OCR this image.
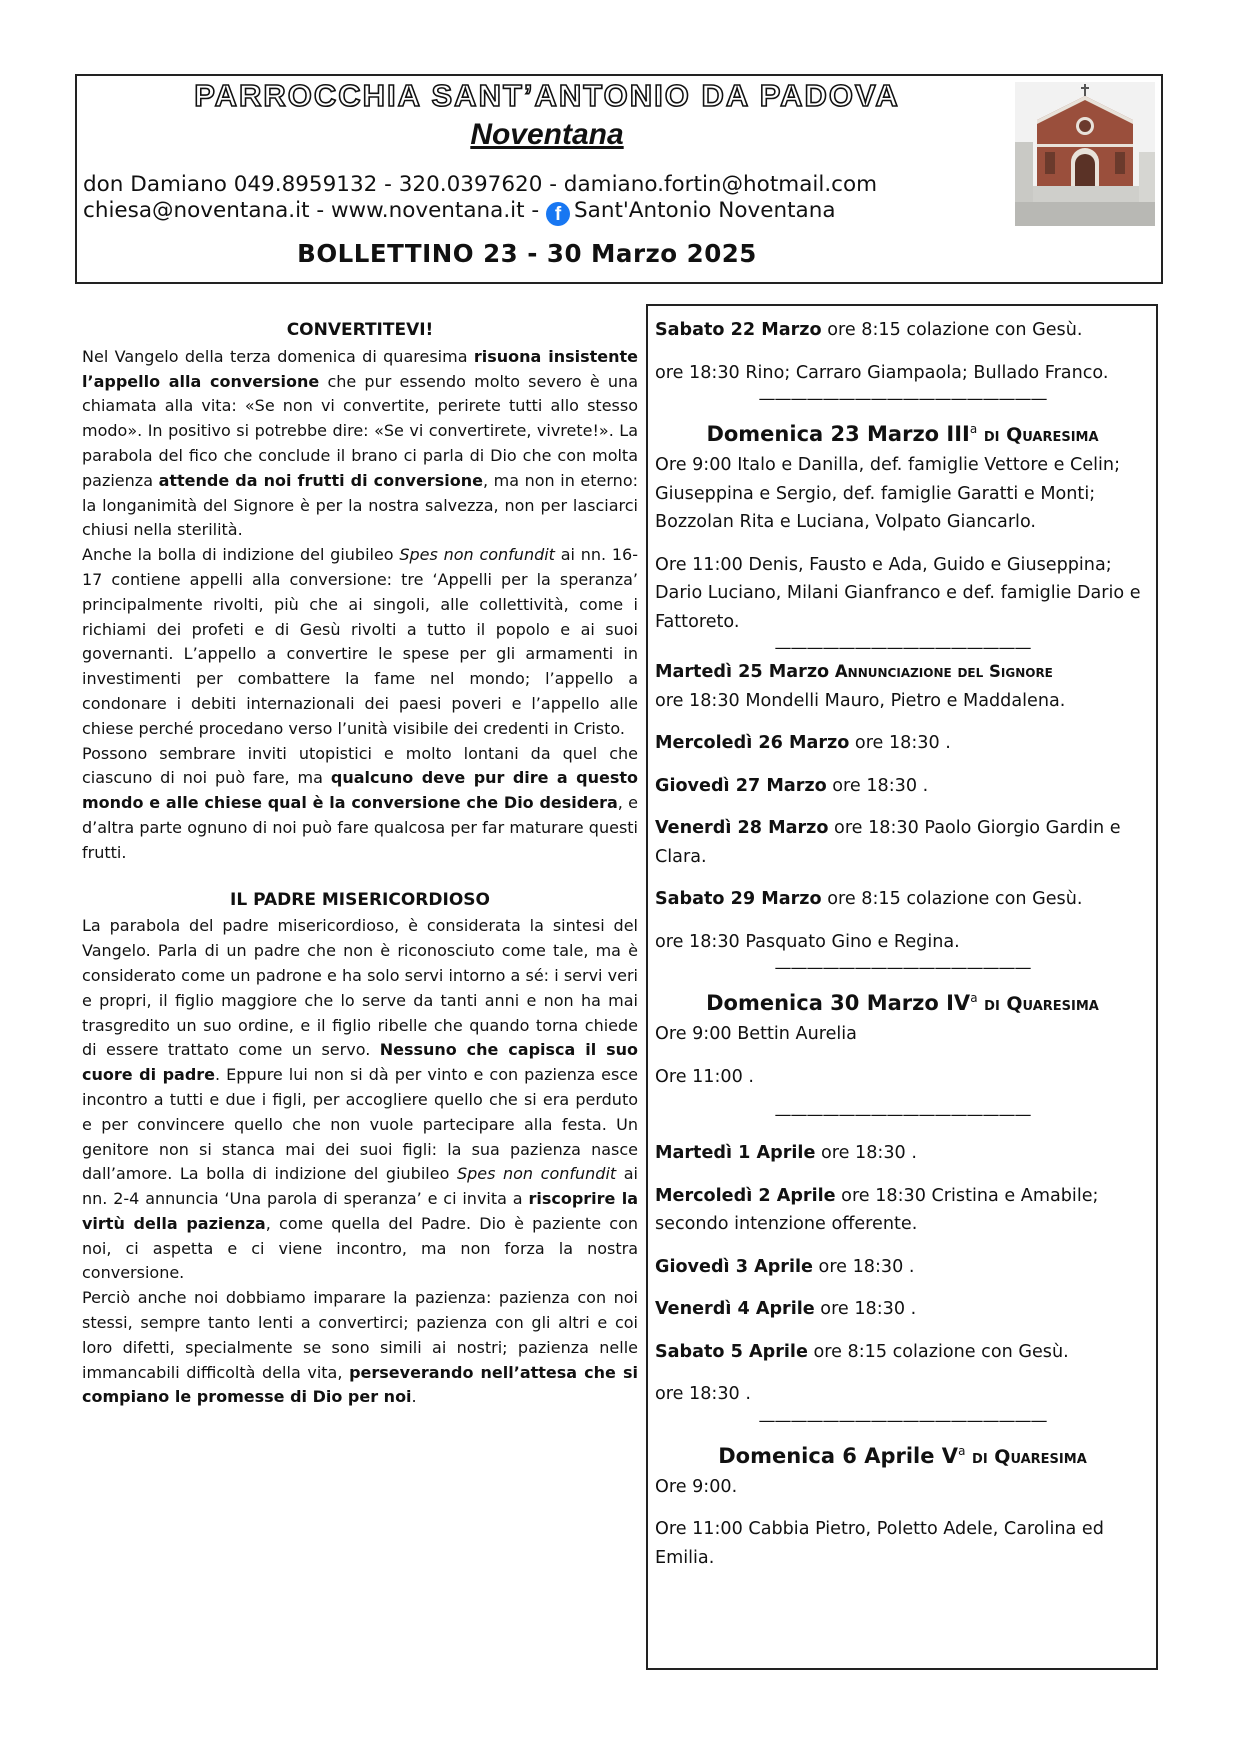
PARROCCHIA SANT’ANTONIO DA PADOVA
Noventana
don Damiano 049.8959132 - 320.0397620 - damiano.fortin@hotmail.com
chiesa@noventana.it - www.noventana.it - f Sant'Antonio Noventana
BOLLETTINO 23 - 30 Marzo 2025
CONVERTITEVI!

Nel Vangelo della terza domenica di quaresima risuona insistente l’appello alla conversione che pur essendo molto severo è una chiamata alla vita: «Se non vi convertite, perirete tutti allo stesso modo». In positivo si potrebbe dire: «Se vi convertirete, vivrete!». La parabola del fico che conclude il brano ci parla di Dio che con molta pazienza attende da noi frutti di conversione, ma non in eterno: la longanimità del Signore è per la nostra salvezza, non per lasciarci chiusi nella sterilità.

Anche la bolla di indizione del giubileo Spes non confundit ai nn. 16-17 contiene appelli alla conversione: tre ‘Appelli per la speranza’ principalmente rivolti, più che ai singoli, alle collettività, come i richiami dei profeti e di Gesù rivolti a tutto il popolo e ai suoi governanti. L’appello a convertire le spese per gli armamenti in investimenti per combattere la fame nel mondo; l’appello a condonare i debiti internazionali dei paesi poveri e l’appello alle chiese perché procedano verso l’unità visibile dei credenti in Cristo.

Possono sembrare inviti utopistici e molto lontani da quel che ciascuno di noi può fare, ma qualcuno deve pur dire a questo mondo e alle chiese qual è la conversione che Dio desidera, e d’altra parte ognuno di noi può fare qualcosa per far maturare questi frutti.

IL PADRE MISERICORDIOSO

La parabola del padre misericordioso, è considerata la sintesi del Vangelo. Parla di un padre che non è riconosciuto come tale, ma è considerato come un padrone e ha solo servi intorno a sé: i servi veri e propri, il figlio maggiore che lo serve da tanti anni e non ha mai trasgredito un suo ordine, e il figlio ribelle che quando torna chiede di essere trattato come un servo. Nessuno che capisca il suo cuore di padre. Eppure lui non si dà per vinto e con pazienza esce incontro a tutti e due i figli, per accogliere quello che si era perduto e per convincere quello che non vuole partecipare alla festa. Un genitore non si stanca mai dei suoi figli: la sua pazienza nasce dall’amore. La bolla di indizione del giubileo Spes non confundit ai nn. 2-4 annuncia ‘Una parola di speranza’ e ci invita a riscoprire la virtù della pazienza, come quella del Padre. Dio è paziente con noi, ci aspetta e ci viene incontro, ma non forza la nostra conversione.

Perciò anche noi dobbiamo imparare la pazienza: pazienza con noi stessi, sempre tanto lenti a convertirci; pazienza con gli altri e coi loro difetti, specialmente se sono simili ai nostri; pazienza nelle immancabili difficoltà della vita, perseverando nell’attesa che si compiano le promesse di Dio per noi.

Sabato 22 Marzo ore 8:15 colazione con Gesù.

ore 18:30 Rino; Carraro Giampaola; Bullado Franco.

——————————————————
Domenica 23 Marzo III$^a$ di Quaresima

Ore 9:00 Italo e Danilla, def. famiglie Vettore e Celin; Giuseppina e Sergio, def. famiglie Garatti e Monti; Bozzolan Rita e Luciana, Volpato Giancarlo.

Ore 11:00 Denis, Fausto e Ada, Guido e Giuseppina; Dario Luciano, Milani Gianfranco e def. famiglie Dario e Fattoreto.

————————————————

Martedì 25 Marzo Annunciazione del Signore

ore 18:30 Mondelli Mauro, Pietro e Maddalena.

Mercoledì 26 Marzo ore 18:30 .

Giovedì 27 Marzo ore 18:30 .

Venerdì 28 Marzo ore 18:30 Paolo Giorgio Gardin e Clara.

Sabato 29 Marzo ore 8:15 colazione con Gesù.

ore 18:30 Pasquato Gino e Regina.

————————————————
Domenica 30 Marzo $IV^a$ di Quaresima

Ore 9:00 Bettin Aurelia

Ore 11:00 .

————————————————

Martedì 1 Aprile ore 18:30 .

Mercoledì 2 Aprile ore 18:30 Cristina e Amabile; secondo intenzione offerente.

Giovedì 3 Aprile ore 18:30 .

Venerdì 4 Aprile ore 18:30 .

Sabato 5 Aprile ore 8:15 colazione con Gesù.

ore 18:30 .

——————————————————
Domenica 6 Aprile $V^a$ di Quaresima

Ore 9:00.

Ore 11:00 Cabbia Pietro, Poletto Adele, Carolina ed Emilia.
